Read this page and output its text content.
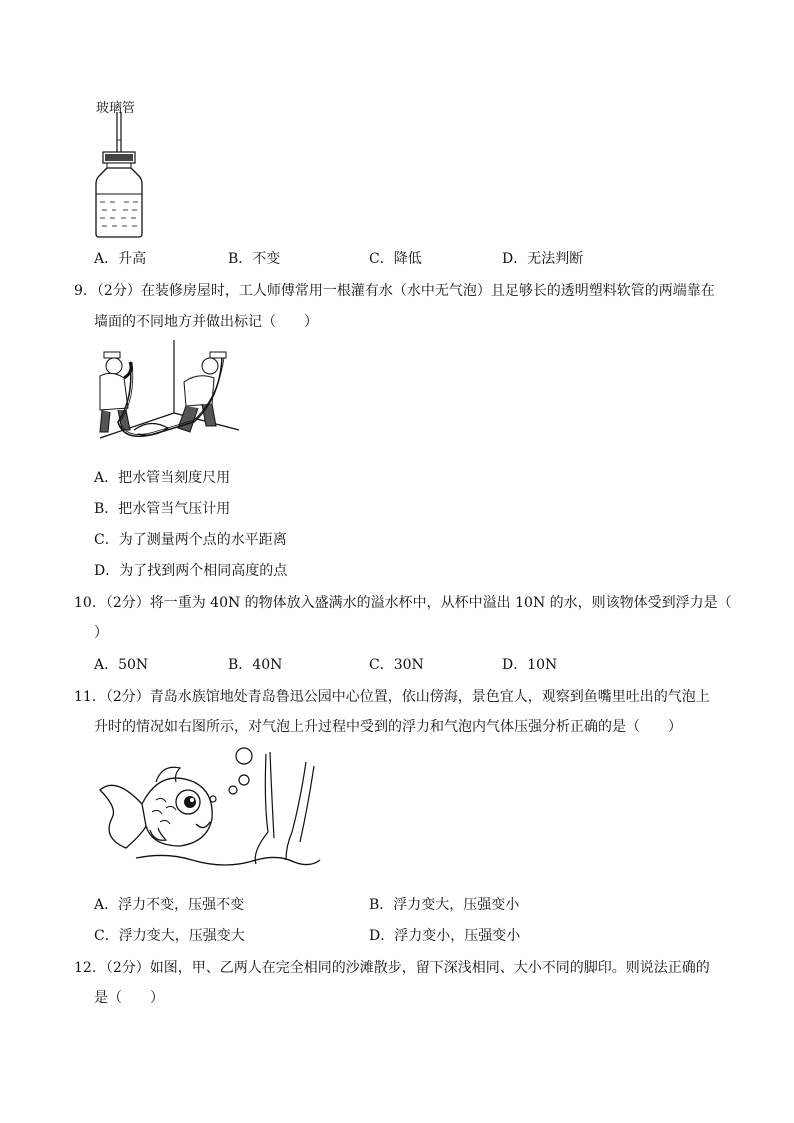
玻璃管
A．升高	B．不变	C．降低	D．无法判断
9．（2分）在装修房屋时，工人师傅常用一根灌有水（水中无气泡）且足够长的透明塑料软管的两端靠在
墙面的不同地方并做出标记（　　）
A．把水管当刻度尺用
B．把水管当气压计用
C．为了测量两个点的水平距离
D．为了找到两个相同高度的点
10．（2分）将一重为 40N 的物体放入盛满水的溢水杯中，从杯中溢出 10N 的水，则该物体受到浮力是（
）
A．50N	B．40N	C．30N	D．10N
11．（2分）青岛水族馆地处青岛鲁迅公园中心位置，依山傍海，景色宜人，观察到鱼嘴里吐出的气泡上
升时的情况如右图所示，对气泡上升过程中受到的浮力和气泡内气体压强分析正确的是（　　）
A．浮力不变，压强不变	B．浮力变大，压强变小
C．浮力变大，压强变大	D．浮力变小，压强变小
12．（2分）如图，甲、乙两人在完全相同的沙滩散步，留下深浅相同、大小不同的脚印。则说法正确的
是（　　）
